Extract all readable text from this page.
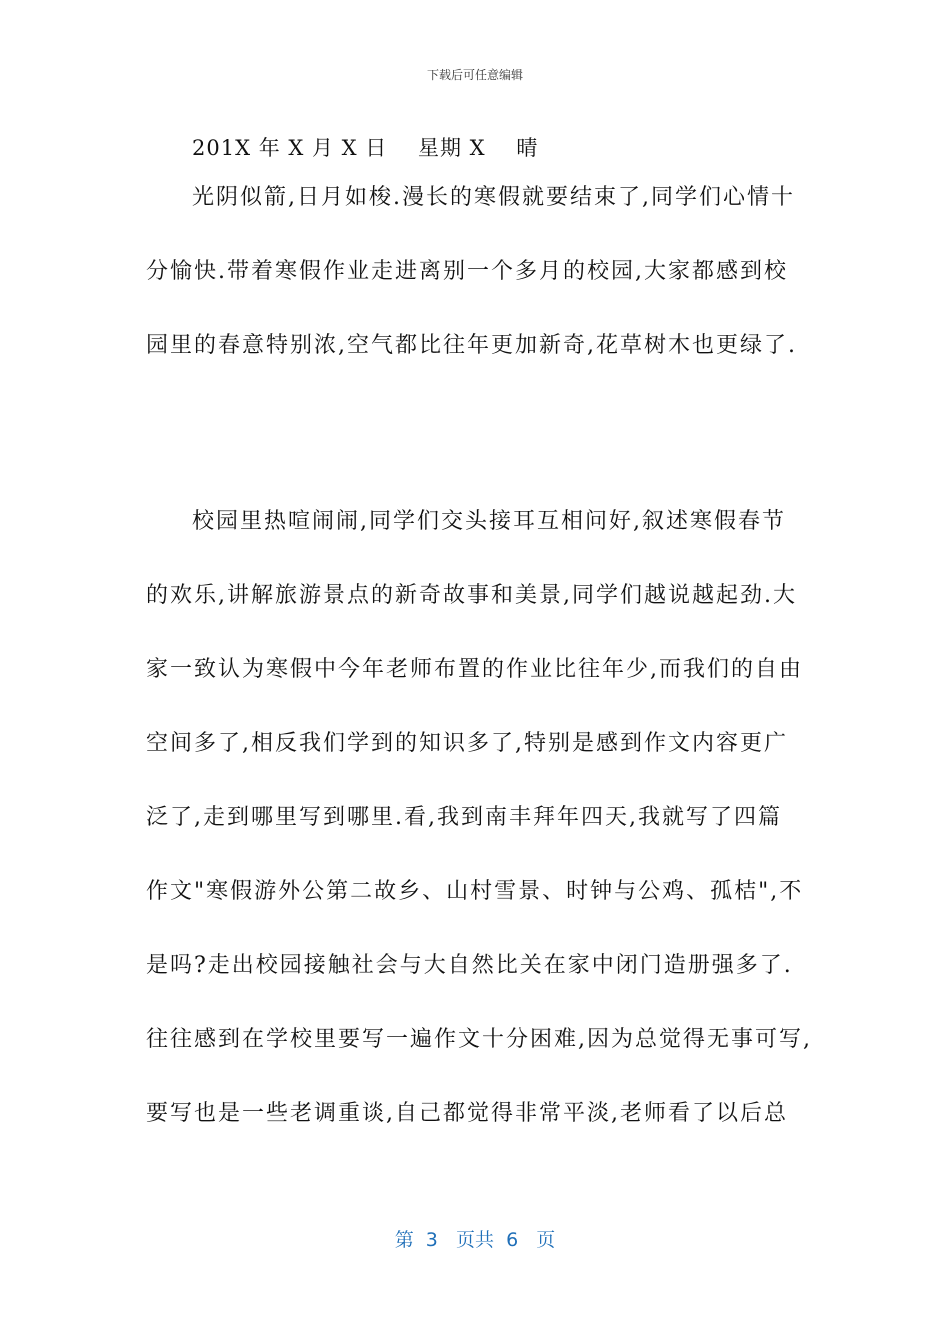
下载后可任意编辑
201X 年 X 月 X 日    星期 X    晴
光阴似箭,日月如梭.漫长的寒假就要结束了,同学们心情十
分愉快.带着寒假作业走进离别一个多月的校园,大家都感到校
园里的春意特别浓,空气都比往年更加新奇,花草树木也更绿了.
校园里热喧闹闹,同学们交头接耳互相问好,叙述寒假春节
的欢乐,讲解旅游景点的新奇故事和美景,同学们越说越起劲.大
家一致认为寒假中今年老师布置的作业比往年少,而我们的自由
空间多了,相反我们学到的知识多了,特别是感到作文内容更广
泛了,走到哪里写到哪里.看,我到南丰拜年四天,我就写了四篇
作文"寒假游外公第二故乡、山村雪景、时钟与公鸡、孤桔",不
是吗?走出校园接触社会与大自然比关在家中闭门造册强多了.
往往感到在学校里要写一遍作文十分困难,因为总觉得无事可写,
要写也是一些老调重谈,自己都觉得非常平淡,老师看了以后总
第  3   页共  6   页
